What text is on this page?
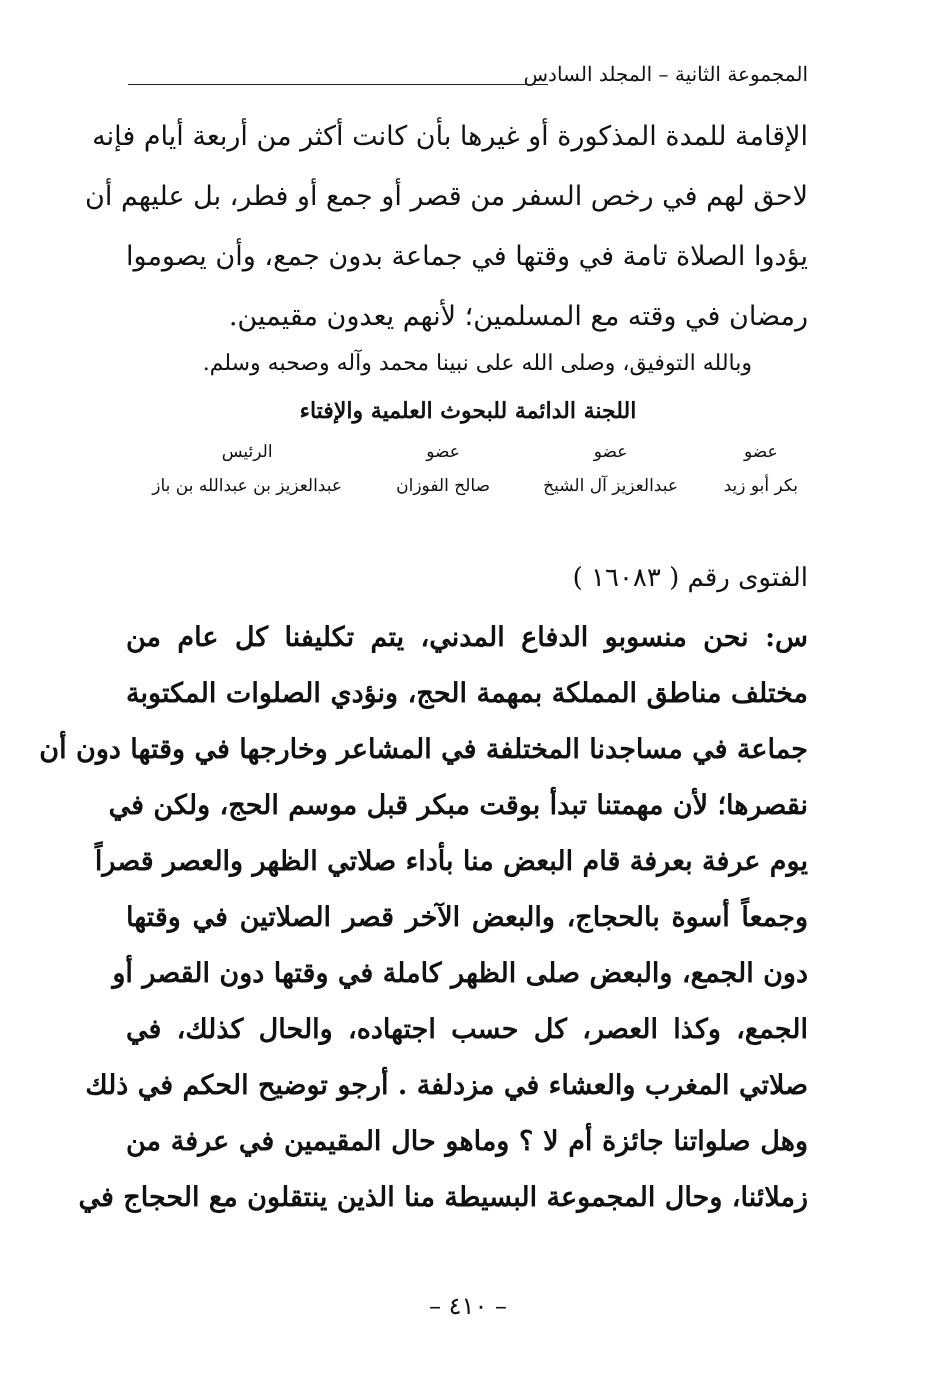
المجموعة الثانية – المجلد السادس
الإقامة للمدة المذكورة أو غيرها بأن كانت أكثر من أربعة أيام فإنه
لاحق لهم في رخص السفر من قصر أو جمع أو فطر، بل عليهم أن
يؤدوا الصلاة تامة في وقتها في جماعة بدون جمع، وأن يصوموا
رمضان في وقته مع المسلمين؛ لأنهم يعدون مقيمين.
وبالله التوفيق، وصلى الله على نبينا محمد وآله وصحبه وسلم.
اللجنة الدائمة للبحوث العلمية والإفتاء
عضو
بكر أبو زيد
عضو
عبدالعزيز آل الشيخ
عضو
صالح الفوزان
الرئيس
عبدالعزيز بن عبدالله بن باز
الفتوى رقم ( ١٦٠٨٣ )
س: نحن منسوبو الدفاع المدني، يتم تكليفنا كل عام من
مختلف مناطق المملكة بمهمة الحج، ونؤدي الصلوات المكتوبة
جماعة في مساجدنا المختلفة في المشاعر وخارجها في وقتها دون أن
نقصرها؛ لأن مهمتنا تبدأ بوقت مبكر قبل موسم الحج، ولكن في
يوم عرفة بعرفة قام البعض منا بأداء صلاتي الظهر والعصر قصراً
وجمعاً أسوة بالحجاج، والبعض الآخر قصر الصلاتين في وقتها
دون الجمع، والبعض صلى الظهر كاملة في وقتها دون القصر أو
الجمع، وكذا العصر، كل حسب اجتهاده، والحال كذلك، في
صلاتي المغرب والعشاء في مزدلفة . أرجو توضيح الحكم في ذلك
وهل صلواتنا جائزة أم لا ؟ وماهو حال المقيمين في عرفة من
زملائنا، وحال المجموعة البسيطة منا الذين ينتقلون مع الحجاج في
– ٤١٠ –
